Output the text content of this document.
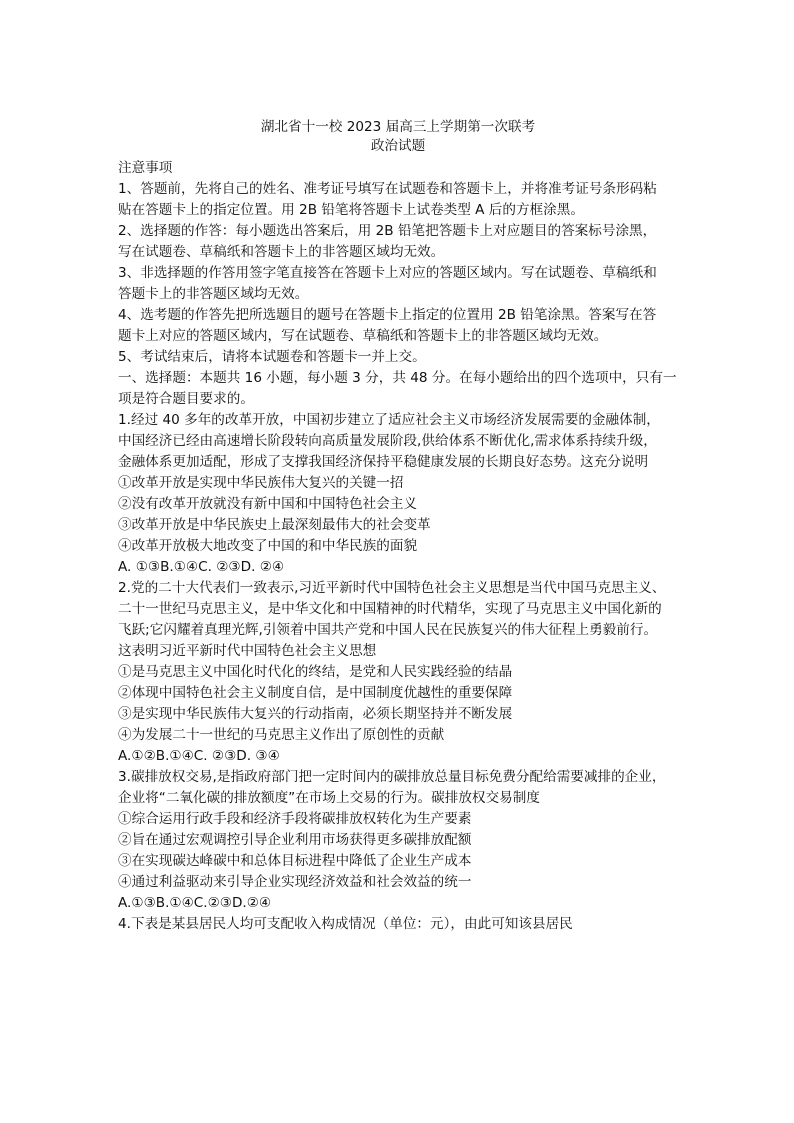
湖北省十一校 2023 届高三上学期第一次联考
政治试题
注意事项
1、答题前，先将自己的姓名、准考证号填写在试题卷和答题卡上，并将准考证号条形码粘
贴在答题卡上的指定位置。用 2B 铅笔将答题卡上试卷类型 A 后的方框涂黑。
2、选择题的作答：每小题选出答案后，用 2B 铅笔把答题卡上对应题目的答案标号涂黑，
写在试题卷、草稿纸和答题卡上的非答题区域均无效。
3、非选择题的作答用签字笔直接答在答题卡上对应的答题区域内。写在试题卷、草稿纸和
答题卡上的非答题区域均无效。
4、选考题的作答先把所选题目的题号在答题卡上指定的位置用 2B 铅笔涂黑。答案写在答
题卡上对应的答题区域内，写在试题卷、草稿纸和答题卡上的非答题区域均无效。
5、考试结束后，请将本试题卷和答题卡一并上交。
一、选择题：本题共 16 小题，每小题 3 分，共 48 分。在每小题给出的四个选项中，只有一
项是符合题目要求的。
1.经过 40 多年的改革开放，中国初步建立了适应社会主义市场经济发展需要的金融体制，
中国经济已经由高速增长阶段转向高质量发展阶段,供给体系不断优化,需求体系持续升级，
金融体系更加适配，形成了支撑我国经济保持平稳健康发展的长期良好态势。这充分说明
①改革开放是实现中华民族伟大复兴的关键一招
②没有改革开放就没有新中国和中国特色社会主义
③改革开放是中华民族史上最深刻最伟大的社会变革
④改革开放极大地改变了中国的和中华民族的面貌
A. ①③B.①④C. ②③D. ②④
2.党的二十大代表们一致表示,习近平新时代中国特色社会主义思想是当代中国马克思主义、
二十一世纪马克思主义，是中华文化和中国精神的时代精华，实现了马克思主义中国化新的
飞跃;它闪耀着真理光辉,引领着中国共产党和中国人民在民族复兴的伟大征程上勇毅前行。
这表明习近平新时代中国特色社会主义思想
①是马克思主义中国化时代化的终结，是党和人民实践经验的结晶
②体现中国特色社会主义制度自信，是中国制度优越性的重要保障
③是实现中华民族伟大复兴的行动指南，必须长期坚持并不断发展
④为发展二十一世纪的马克思主义作出了原创性的贡献
A.①②B.①④C. ②③D. ③④
3.碳排放权交易,是指政府部门把一定时间内的碳排放总量目标免费分配给需要减排的企业，
企业将“二氧化碳的排放额度”在市场上交易的行为。碳排放权交易制度
①综合运用行政手段和经济手段将碳排放权转化为生产要素
②旨在通过宏观调控引导企业利用市场获得更多碳排放配额
③在实现碳达峰碳中和总体目标进程中降低了企业生产成本
④通过利益驱动来引导企业实现经济效益和社会效益的统一
A.①③B.①④C.②③D.②④
4.下表是某县居民人均可支配收入构成情况（单位：元），由此可知该县居民
